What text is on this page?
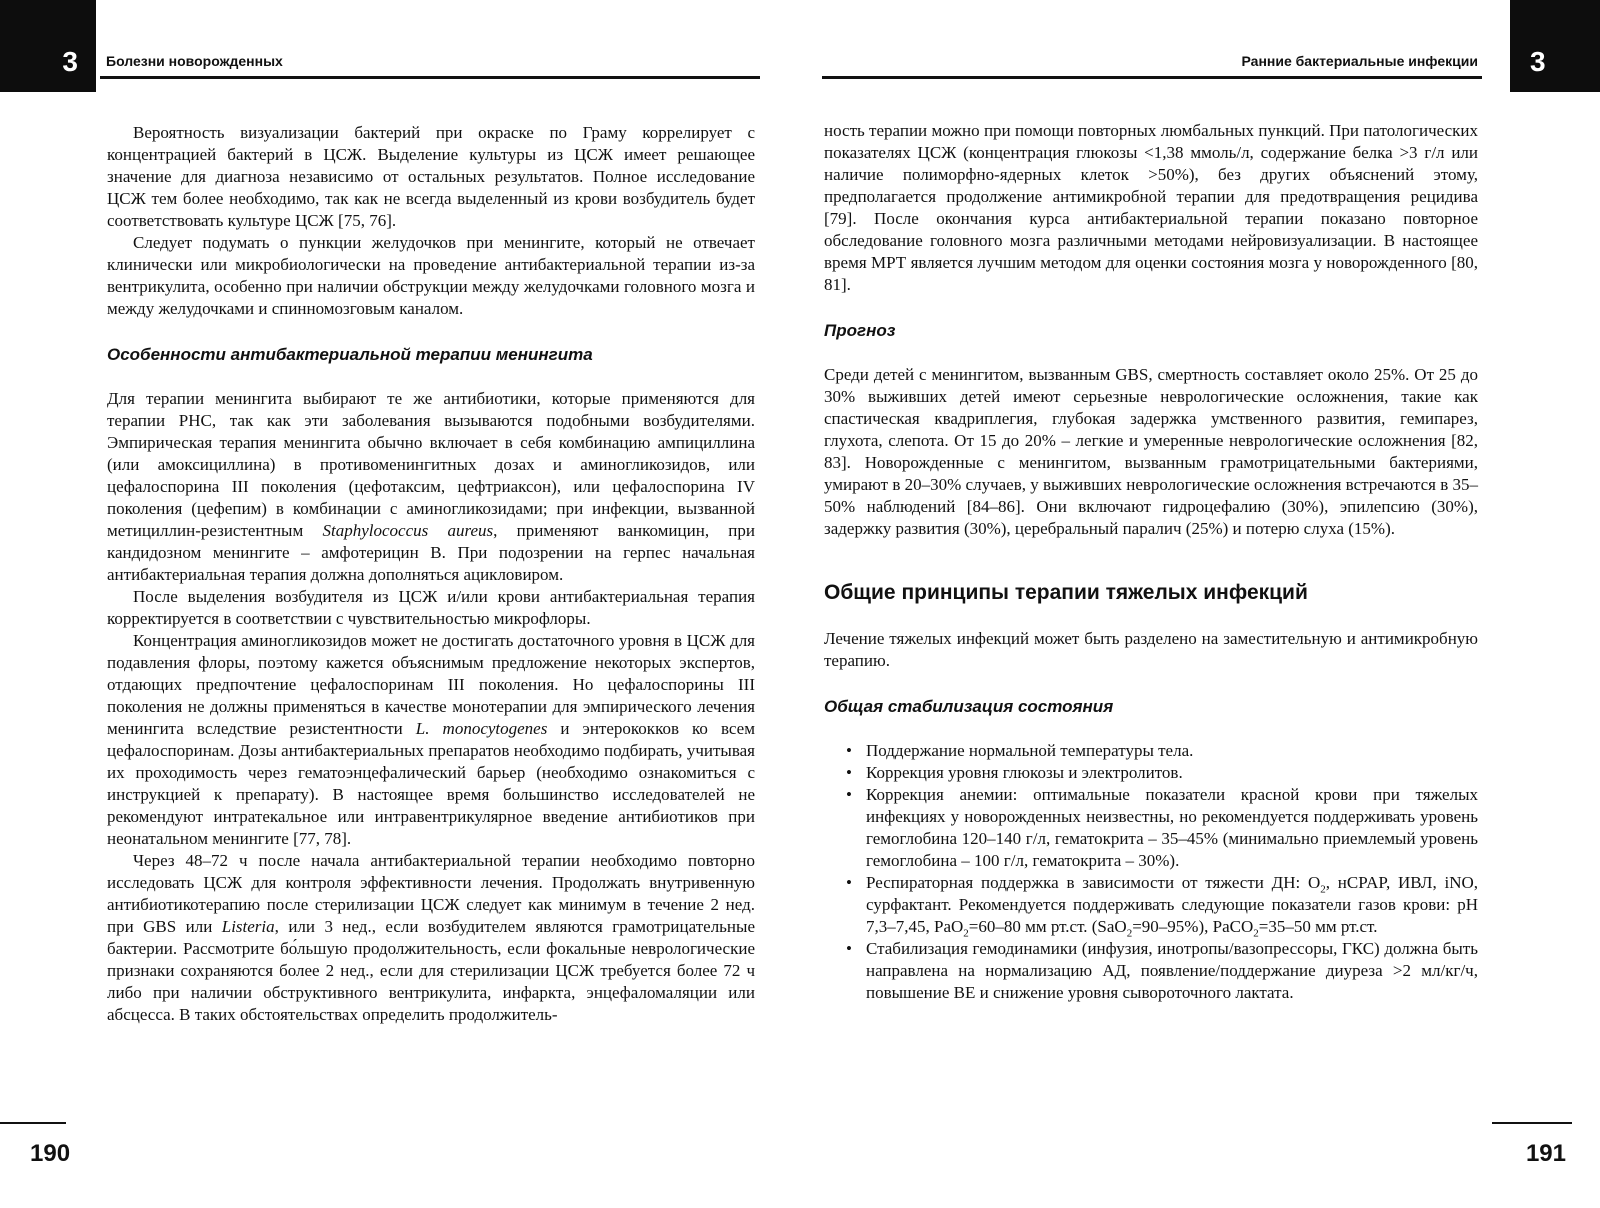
3 Болезни новорожденных

Вероятность визуализации бактерий при окраске по Граму коррелирует с концентрацией бактерий в ЦСЖ. Выделение культуры из ЦСЖ имеет решающее значение для диагноза независимо от остальных результатов. Полное исследование ЦСЖ тем более необходимо, так как не всегда выделенный из крови возбудитель будет соответствовать культуре ЦСЖ [75, 76].

Следует подумать о пункции желудочков при менингите, который не отвечает клинически или микробиологически на проведение антибактериальной терапии из-за вентрикулита, особенно при наличии обструкции между желудочками головного мозга и между желудочками и спинномозговым каналом.

Особенности антибактериальной терапии менингита

Для терапии менингита выбирают те же антибиотики, которые применяются для терапии РНС, так как эти заболевания вызываются подобными возбудителями. Эмпирическая терапия менингита обычно включает в себя комбинацию ампициллина (или амоксициллина) в противоменингитных дозах и аминогликозидов, или цефалоспорина III поколения (цефотаксим, цефтриаксон), или цефалоспорина IV поколения (цефепим) в комбинации с аминогликозидами; при инфекции, вызванной метициллин-резистентным Staphylococcus aureus, применяют ванкомицин, при кандидозном менингите – амфотерицин B. При подозрении на герпес начальная антибактериальная терапия должна дополняться ацикловиром.

После выделения возбудителя из ЦСЖ и/или крови антибактериальная терапия корректируется в соответствии с чувствительностью микрофлоры.

Концентрация аминогликозидов может не достигать достаточного уровня в ЦСЖ для подавления флоры, поэтому кажется объяснимым предложение некоторых экспертов, отдающих предпочтение цефалоспоринам III поколения. Но цефалоспорины III поколения не должны применяться в качестве монотерапии для эмпирического лечения менингита вследствие резистентности L. monocytogenes и энтерококков ко всем цефалоспоринам. Дозы антибактериальных препаратов необходимо подбирать, учитывая их проходимость через гематоэнцефалический барьер (необходимо ознакомиться с инструкцией к препарату). В настоящее время большинство исследователей не рекомендуют интратекальное или интравентрикулярное введение антибиотиков при неонатальном менингите [77, 78].

Через 48–72 ч после начала антибактериальной терапии необходимо повторно исследовать ЦСЖ для контроля эффективности лечения. Продолжать внутривенную антибиотикотерапию после стерилизации ЦСЖ следует как минимум в течение 2 нед. при GBS или Listeria, или 3 нед., если возбудителем являются грамотрицательные бактерии. Рассмотрите бо́льшую продолжительность, если фокальные неврологические признаки сохраняются более 2 нед., если для стерилизации ЦСЖ требуется более 72 ч либо при наличии обструктивного вентрикулита, инфаркта, энцефаломаляции или абсцесса. В таких обстоятельствах определить продолжитель-

190
3
Ранние бактериальные инфекции

ность терапии можно при помощи повторных люмбальных пункций. При патологических показателях ЦСЖ (концентрация глюкозы <1,38 ммоль/л, содержание белка >3 г/л или наличие полиморфно-ядерных клеток >50%), без других объяснений этому, предполагается продолжение антимикробной терапии для предотвращения рецидива [79]. После окончания курса антибактериальной терапии показано повторное обследование головного мозга различными методами нейровизуализации. В настоящее время МРТ является лучшим методом для оценки состояния мозга у новорожденного [80, 81].

Прогноз

Среди детей с менингитом, вызванным GBS, смертность составляет около 25%. От 25 до 30% выживших детей имеют серьезные неврологические осложнения, такие как спастическая квадриплегия, глубокая задержка умственного развития, гемипарез, глухота, слепота. От 15 до 20% – легкие и умеренные неврологические осложнения [82, 83]. Новорожденные с менингитом, вызванным грамотрицательными бактериями, умирают в 20–30% случаев, у выживших неврологические осложнения встречаются в 35–50% наблюдений [84–86]. Они включают гидроцефалию (30%), эпилепсию (30%), задержку развития (30%), церебральный паралич (25%) и потерю слуха (15%).

Общие принципы терапии тяжелых инфекций

Лечение тяжелых инфекций может быть разделено на заместительную и антимикробную терапию.

Общая стабилизация состояния
• Поддержание нормальной температуры тела.
• Коррекция уровня глюкозы и электролитов.
• Коррекция анемии: оптимальные показатели красной крови при тяжелых инфекциях у новорожденных неизвестны, но рекомендуется поддерживать уровень гемоглобина 120–140 г/л, гематокрита – 35–45% (минимально приемлемый уровень гемоглобина – 100 г/л, гематокрита – 30%).
• Респираторная поддержка в зависимости от тяжести ДН: $O_2$, нCPAP, ИВЛ, iNO, сурфактант. Рекомендуется поддерживать следующие показатели газов крови: pH 7,3–7,45, PaO$_2$=60–80 мм рт.ст. (SaO$_2$=90–95%), PaCO$_2$=35–50 мм рт.ст.
• Стабилизация гемодинамики (инфузия, инотропы/вазопрессоры, ГКС) должна быть направлена на нормализацию АД, появление/поддержание диуреза >2 мл/кг/ч, повышение BE и снижение уровня сывороточного лактата.
191
